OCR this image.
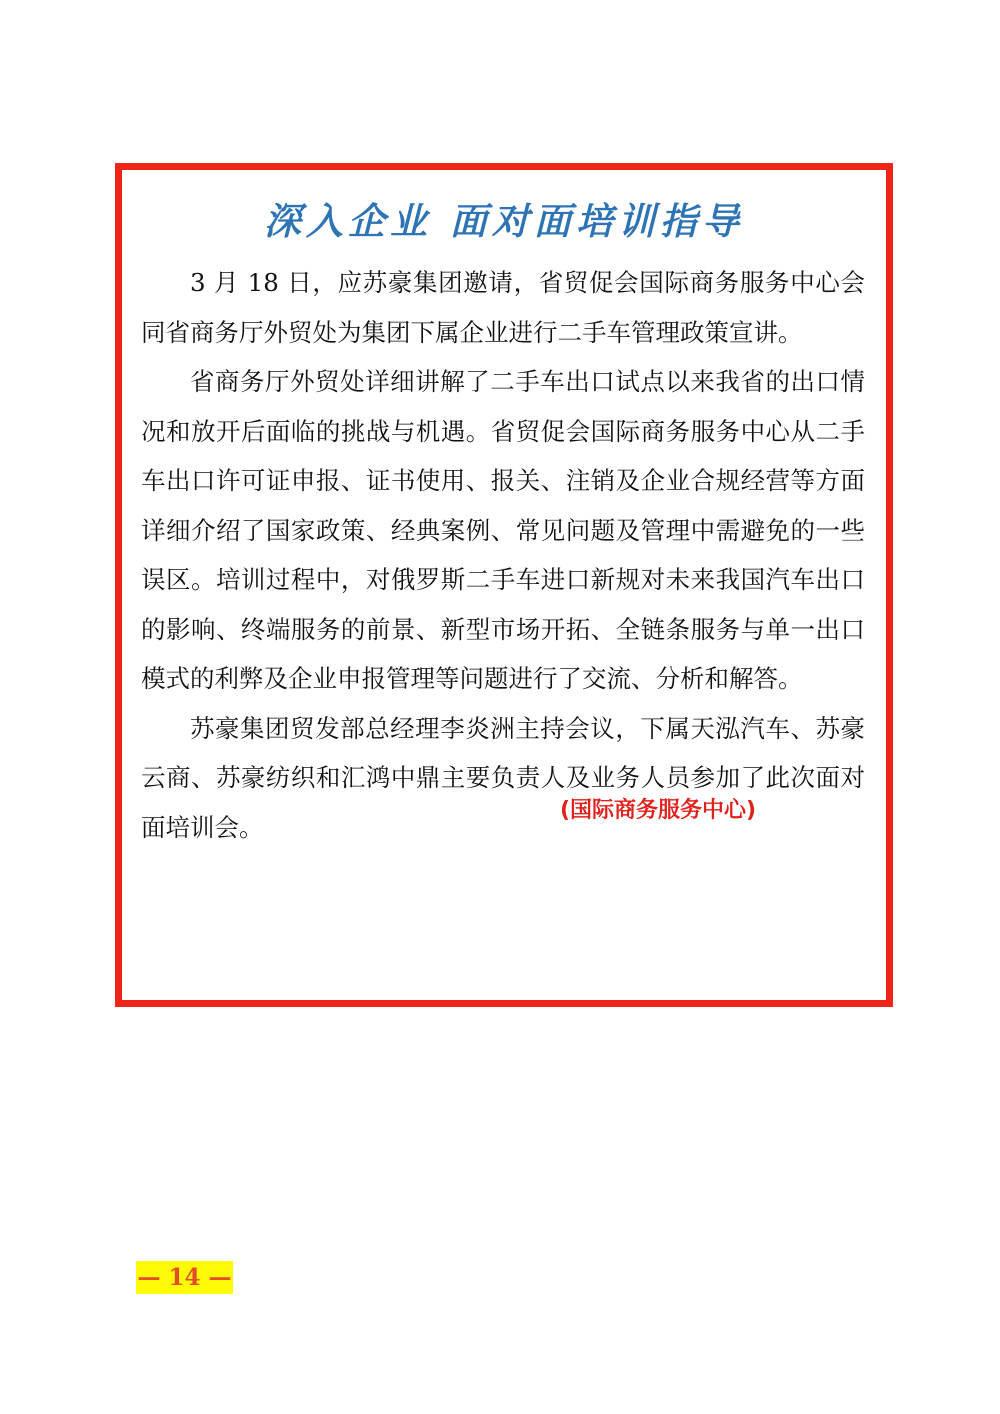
深入企业 面对面培训指导

3 月 18 日，应苏豪集团邀请，省贸促会国际商务服务中心会同省商务厅外贸处为集团下属企业进行二手车管理政策宣讲。

省商务厅外贸处详细讲解了二手车出口试点以来我省的出口情况和放开后面临的挑战与机遇。省贸促会国际商务服务中心从二手车出口许可证申报、证书使用、报关、注销及企业合规经营等方面详细介绍了国家政策、经典案例、常见问题及管理中需避免的一些误区。培训过程中，对俄罗斯二手车进口新规对未来我国汽车出口的影响、终端服务的前景、新型市场开拓、全链条服务与单一出口模式的利弊及企业申报管理等问题进行了交流、分析和解答。

苏豪集团贸发部总经理李炎洲主持会议，下属天泓汽车、苏豪云商、苏豪纺织和汇鸿中鼎主要负责人及业务人员参加了此次面对面培训会。

(国际商务服务中心)
— 14 —
